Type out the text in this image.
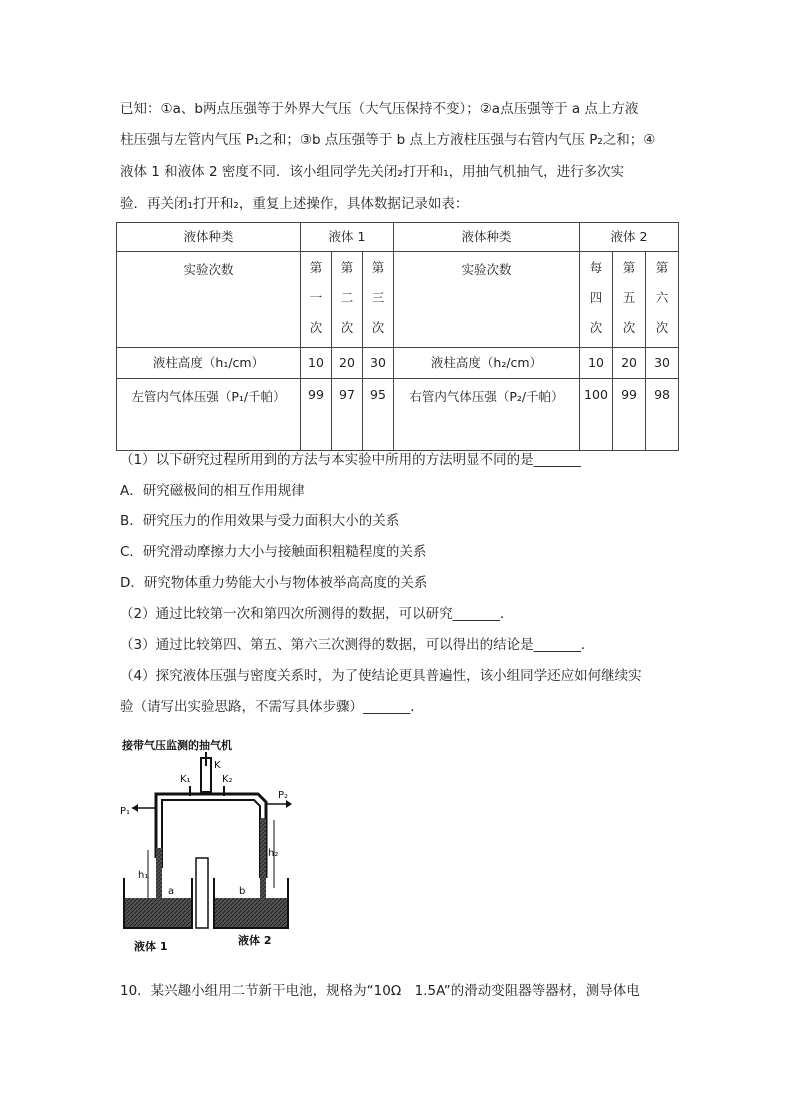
已知：①a、b两点压强等于外界大气压（大气压保持不变）；②a点压强等于 a 点上方液
柱压强与左管内气压 P₁之和；③b 点压强等于 b 点上方液柱压强与右管内气压 P₂之和；④
液体 1 和液体 2 密度不同．该小组同学先关闭₂打开和₁，用抽气机抽气，进行多次实
验．再关闭₁打开和₂，重复上述操作，具体数据记录如表：
液体种类	液体 1			液体种类	液体 2		

实验次数	第
一
次	第
二
次	第
三
次	实验次数	每
四
次	第
五
次	第
六
次

液柱高度（h₁/cm）	10	20	30	液柱高度（h₂/cm）	10	20	30
左管内气体压强（P₁/千帕）	99	97	95	右管内气体压强（P₂/千帕）	100	99	98
（1）以下研究过程所用到的方法与本实验中所用的方法明显不同的是_______
A．研究磁极间的相互作用规律
B．研究压力的作用效果与受力面积大小的关系
C．研究滑动摩擦力大小与接触面积粗糙程度的关系
D．研究物体重力势能大小与物体被举高高度的关系
（2）通过比较第一次和第四次所测得的数据，可以研究_______．
（3）通过比较第四、第五、第六三次测得的数据，可以得出的结论是_______．
（4）探究液体压强与密度关系时，为了使结论更具普遍性，该小组同学还应如何继续实
验（请写出实验思路，不需写具体步骤）_______．
接带气压监测的抽气机
K
K₁	K₂
P₁
P₂
h₁
h₂
a	b
液体 1	液体 2
10．某兴趣小组用二节新干电池，规格为“10Ω　1.5A”的滑动变阻器等器材，测导体电
